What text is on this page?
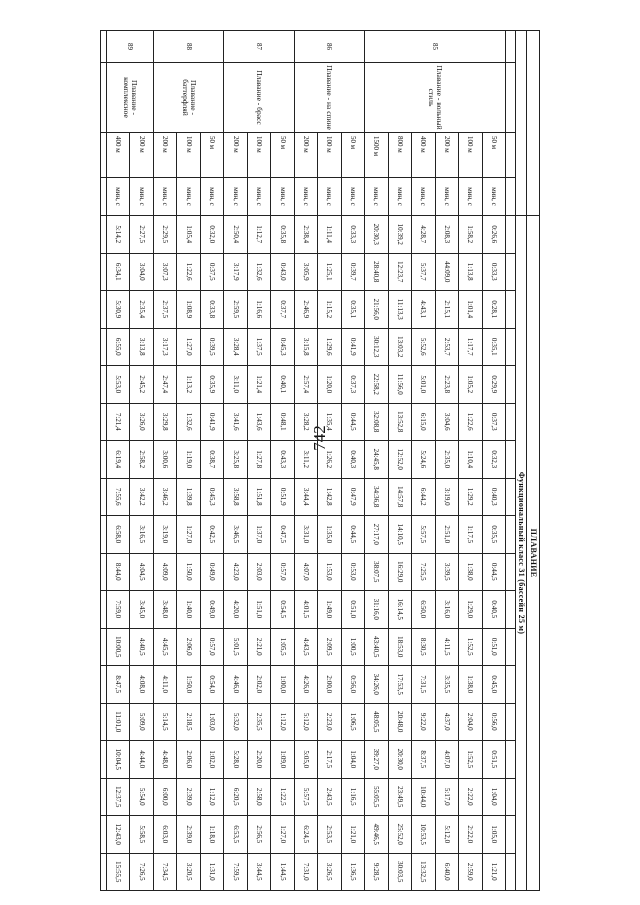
742
				ПЛАВАНИЕ																	
				Функциональный класс 31 (бассейн 25 м)																	

85	Плавание - вольный стиль	50 м	мин, с	0:26,6	0:33,3	0:28,1	0:35,1	0:29,9	0:37,3	0:32,3	0:40,3	0:35,5	0:44,5	0:40,5	0:51,0	0:45,0	0:56,0	0:51,5	1:04,0	1:05,0	1:21,0
		100 м	мин, с	1:58,2	1:13,8	1:01,4	1:17,7	1:05,2	1:22,6	1:10,4	1:29,2	1:17,5	1:38,0	1:29,0	1:52,5	1:38,0	2:04,0	1:52,5	2:22,0	2:22,0	2:59,0
		200 м	мин, с	2:08,3	44:09,0	2:15,1	2:53,7	2:23,8	3:04,6	2:35,0	3:19,0	2:51,0	3:39,5	3:16,0	4:11,5	3:35,5	4:37,0	4:07,0	5:17,0	5:12,0	6:40,0
		400 м	мин, с	4:28,7	5:37,7	4:43,1	5:52,6	5:01,0	6:15,0	5:24,6	6:44,2	5:57,5	7:25,5	6:50,0	8:30,5	7:31,5	9:22,0	8:37,5	10:44,0	10:53,5	13:32,5
		800 м	мин, с	10:39,2	12:23,7	11:13,3	13:03,2	11:56,0	13:52,8	12:52,0	14:57,8	14:10,5	16:29,0	16:14,5	18:53,0	17:53,5	20:48,0	20:30,0	23:49,5	25:52,0	30:03,5
		1500 м	мин, с	20:30,3	28:40,8	21:56,0	30:12,3	22:58,2	32:08,8	24:45,8	34:36,8	27:17,0	38:07,5	31:16,0	43:40,5	34:26,0	48:05,5	39:27,0	55:05,5	49:46,5	9:28,5
86	Плавание - на спине	50 м	мин, с	0:33,3	0:39,7	0:35,1	0:41,9	0:37,3	0:44,5	0:40,3	0:47,9	0:44,5	0:53,0	0:51,0	1:00,5	0:56,0	1:06,5	1:04,0	1:16,5	1:21,0	1:36,5
		100 м	мин, с	1:11,4	1:25,1	1:15,2	1:29,6	1:20,0	1:35,4	1:26,2	1:42,8	1:35,0	1:53,0	1:49,0	2:09,5	2:00,0	2:23,0	2:17,5	2:43,5	2:53,5	3:26,5
		200 м	мин, с	2:38,4	3:05,9	2:46,9	3:15,8	2:57,4	3:28,2	3:11,2	3:44,4	3:31,0	4:07,0	4:01,5	4:43,5	4:26,0	5:12,0	5:05,0	5:57,5	6:24,5	7:31,0
87	Плавание - брасс	50 м	мин, с	0:35,8	0:43,0	0:37,7	0:45,3	0:40,1	0:48,1	0:43,3	0:51,9	0:47,5	0:57,0	0:54,5	1:05,5	1:00,0	1:12,0	1:09,0	1:22,5	1:27,0	1:44,5
		100 м	мин, с	1:12,7	1:32,6	1:16,6	1:37,5	1:21,4	1:43,6	1:27,8	1:51,8	1:37,0	2:03,0	1:51,0	2:21,0	2:02,0	2:35,5	2:20,0	2:58,0	2:56,5	3:44,5
		200 м	мин, с	2:50,4	3:17,9	2:59,5	3:28,4	3:11,0	3:41,6	3:25,8	3:58,8	3:46,5	4:23,0	4:20,0	5:01,5	4:46,0	5:32,0	5:28,0	6:20,5	6:53,5	7:59,5
88	Плавание - баттерфляй	50 м	мин, с	0:32,0	0:37,5	0:33,8	0:39,5	0:35,9	0:41,9	0:38,7	0:45,3	0:42,5	0:49,0	0:49,0	0:57,0	0:54,0	1:03,0	1:02,0	1:12,0	1:18,0	1:31,0
		100 м	мин, с	1:05,4	1:22,6	1:08,9	1:27,0	1:13,2	1:32,6	1:19,0	1:39,8	1:27,0	1:50,0	1:40,0	2:06,0	1:50,0	2:18,5	2:06,0	2:39,0	2:39,0	3:20,5
		200 м	мин, с	2:29,5	3:07,3	2:37,5	3:17,3	2:47,4	3:29,8	3:00,6	3:46,2	3:19,0	4:09,0	3:48,0	4:45,5	4:11,0	5:14,5	4:48,0	6:00,0	6:03,0	7:34,5
89	Плавание - комплексное	200 м	мин, с	2:27,5	3:04,0	2:35,4	3:13,8	2:45,2	3:26,0	2:58,2	3:42,2	3:16,5	4:04,5	3:45,0	4:40,5	4:08,0	5:09,0	4:44,0	5:54,0	5:58,5	7:26,5
		400 м	мин, с	5:14,2	6:34,1	5:30,9	6:55,0	5:53,0	7:21,4	6:19,4	7:55,6	6:58,0	8:44,0	7:59,0	10:00,5	8:47,5	11:01,0	10:04,5	12:37,5	12:43,0	15:55,5
